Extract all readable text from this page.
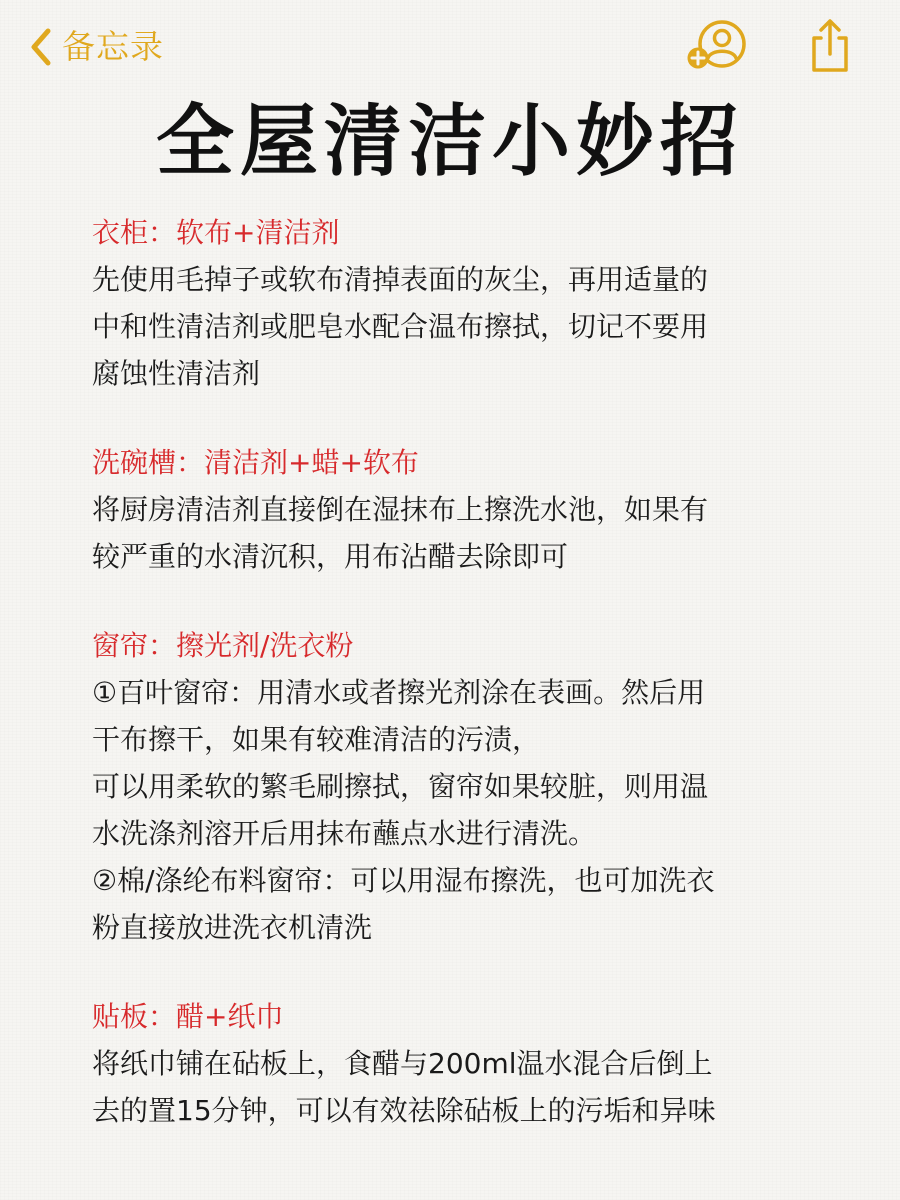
备忘录
全屋清洁小妙招
衣柜：软布+清洁剂
先使用毛掉子或软布清掉表面的灰尘，再用适量的
中和性清洁剂或肥皂水配合温布擦拭，切记不要用
腐蚀性清洁剂
洗碗槽：清洁剂+蜡+软布
将厨房清洁剂直接倒在湿抹布上擦洗水池，如果有
较严重的水清沉积，用布沾醋去除即可
窗帘：擦光剂/洗衣粉
①百叶窗帘：用清水或者擦光剂涂在表画。然后用
干布擦干，如果有较难清洁的污渍，
可以用柔软的繁毛刷擦拭，窗帘如果较脏，则用温
水洗涤剂溶开后用抹布蘸点水进行清洗。
②棉/涤纶布料窗帘：可以用湿布擦洗，也可加洗衣
粉直接放进洗衣机清洗
贴板：醋+纸巾
将纸巾铺在砧板上，食醋与200ml温水混合后倒上
去的置15分钟，可以有效祛除砧板上的污垢和异味
